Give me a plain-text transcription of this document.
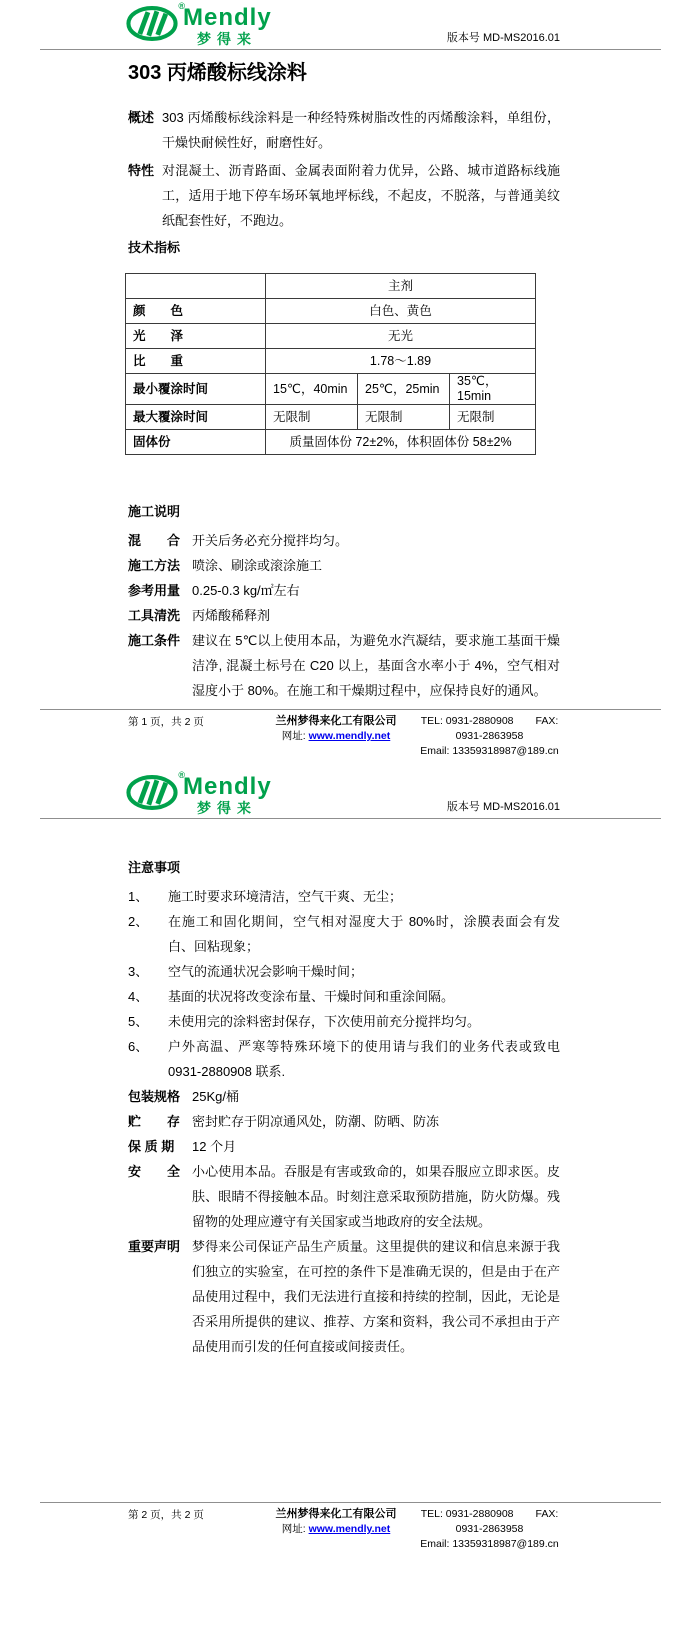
®
Mendly
梦得来	版本号 MD-MS2016.01
303 丙烯酸标线涂料
概述 303 丙烯酸标线涂料是一种经特殊树脂改性的丙烯酸涂料，单组份，干燥快耐候性好，耐磨性好。
特性 对混凝土、沥青路面、金属表面附着力优异，公路、城市道路标线施工，适用于地下停车场环氧地坪标线，不起皮，不脱落，与普通美纹纸配套性好，不跑边。
技术指标
	主剂		
颜　　色	白色、黄色		
光　　泽	无光		
比　　重	1.78～1.89		
最小覆涂时间	15℃，40min	25℃，25min	35℃，15min
最大覆涂时间	无限制	无限制	无限制
固体份	质量固体份 72±2%，体积固体份 58±2%		
施工说明
混　　合 开关后务必充分搅拌均匀。
施工方法 喷涂、刷涂或滚涂施工
参考用量 0.25-0.3 kg/㎡左右
工具清洗 丙烯酸稀释剂
施工条件 建议在 5℃以上使用本品，为避免水汽凝结，要求施工基面干燥洁净, 混凝土标号在 C20 以上，基面含水率小于 4%，空气相对湿度小于 80%。在施工和干燥期过程中，应保持良好的通风。
第 1 页，共 2 页	兰州梦得来化工有限公司
网址: www.mendly.net
TEL: 0931-2880908 FAX: 0931-2863958
Email: 13359318987@189.cn
®
Mendly
梦得来	版本号 MD-MS2016.01
注意事项
1、	施工时要求环境清洁，空气干爽、无尘；
2、	在施工和固化期间，空气相对湿度大于 80%时，涂膜表面会有发白、回粘现象；
3、	空气的流通状况会影响干燥时间；
4、	基面的状况将改变涂布量、干燥时间和重涂间隔。
5、	未使用完的涂料密封保存，下次使用前充分搅拌均匀。
6、	户外高温、严寒等特殊环境下的使用请与我们的业务代表或致电 0931-2880908 联系.
包装规格 25Kg/桶
贮　　存 密封贮存于阴凉通风处，防潮、防晒、防冻
保 质 期	12 个月
安　　全 小心使用本品。吞服是有害或致命的，如果吞服应立即求医。皮肤、眼睛不得接触本品。时刻注意采取预防措施，防火防爆。残留物的处理应遵守有关国家或当地政府的安全法规。
重要声明 梦得来公司保证产品生产质量。这里提供的建议和信息来源于我们独立的实验室，在可控的条件下是准确无误的，但是由于在产品使用过程中，我们无法进行直接和持续的控制，因此，无论是否采用所提供的建议、推荐、方案和资料，我公司不承担由于产品使用而引发的任何直接或间接责任。
第 2 页，共 2 页	兰州梦得来化工有限公司
网址: www.mendly.net
TEL: 0931-2880908 FAX: 0931-2863958
Email: 13359318987@189.cn
